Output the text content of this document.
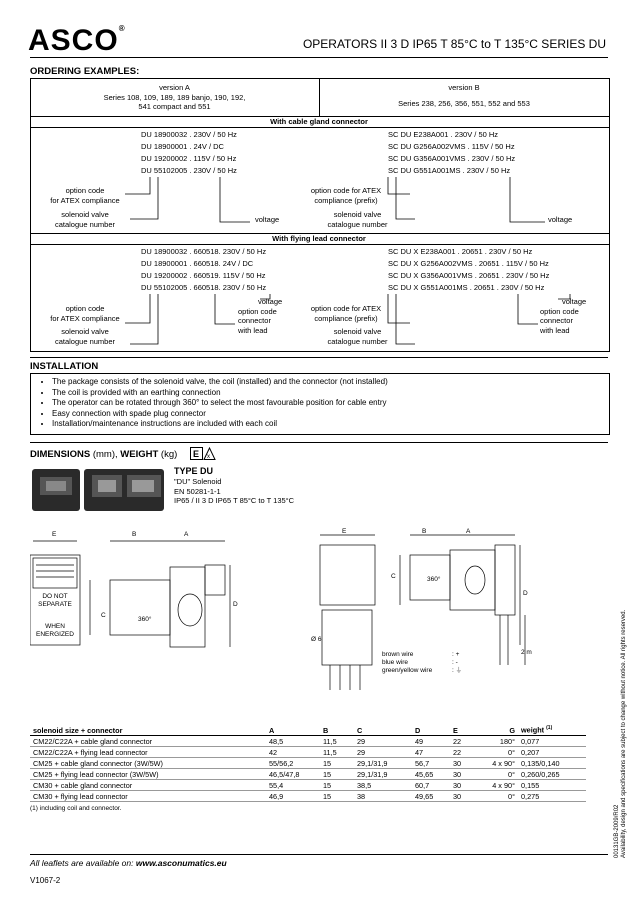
ASCO®
OPERATORS II 3 D IP65 T 85°C to T 135°C SERIES DU
ORDERING EXAMPLES:
version A
Series 108, 109, 189, 189 banjo, 190, 192,
541 compact and 551
version B
Series 238, 256, 356, 551, 552 and 553
With cable gland connector
DU 18900032 . 230V / 50 Hz
DU 18900001 . 24V / DC
DU 19200002 . 115V / 50 Hz
DU 55102005 . 230V / 50 Hz
SC DU E238A001 . 230V / 50 Hz
SC DU G256A002VMS . 115V / 50 Hz
SC DU G356A001VMS . 230V / 50 Hz
SC DU G551A001MS . 230V / 50 Hz
option code
for ATEX compliance
solenoid valve
catalogue number	voltage
option code for ATEX
compliance (prefix)
solenoid valve
catalogue number	voltage
With flying lead connector
DU 18900032 . 660518. 230V / 50 Hz
DU 18900001 . 660518. 24V / DC
DU 19200002 . 660519. 115V / 50 Hz
DU 55102005 . 660518. 230V / 50 Hz
SC DU X E238A001 . 20651 . 230V / 50 Hz
SC DU X G256A002VMS . 20651 . 115V / 50 Hz
SC DU X G356A001VMS . 20651 . 230V / 50 Hz
SC DU X G551A001MS . 20651 . 230V / 50 Hz
option code
for ATEX compliance
solenoid valve
catalogue number
voltage
option code
connector
with lead
option code for ATEX
compliance (prefix)
solenoid valve
catalogue number
voltage
option code
connector
with lead
INSTALLATION
• The package consists of the solenoid valve, the coil (installed) and the connector (not installed)
• The coil is provided with an earthing connection
• The operator can be rotated through 360° to select the most favourable position for cable entry
• Easy connection with spade plug connector
• Installation/maintenance instructions are included with each coil
DIMENSIONS (mm), WEIGHT (kg) E x
TYPE DU
"DU" Solenoid
EN 50281-1-1
IP65 / II 3 D IP65 T 85°C to T 135°C
E	B	A
C
D
360°
DO NOT
SEPARATE
WHEN
ENERGIZED
E	B	A
C
D
360°
Ø 6
2 m
brown wire	: +
blue wire	: -
green/yellow wire	: ⏚
solenoid size + connector	A	B	C	D	E	G	weight $^{(1)}$
CM22/C22A + cable gland connector	48,5	11,5	29	49	22	180°	0,077
CM22/C22A + flying lead connector	42	11,5	29	47	22	0°	0,207
CM25 + cable gland connector (3W/5W)	55/56,2	15	29,1/31,9	56,7	30	4 x 90°	0,135/0,140
CM25 + flying lead connector (3W/5W)	46,5/47,8	15	29,1/31,9	45,65	30	0°	0,260/0,265
CM30 + cable gland connector	55,4	15	38,5	60,7	30	4 x 90°	0,155
CM30 + flying lead connector	46,9	15	38	49,65	30	0°	0,275
(1) including coil and connector.	00131GB-2009/R02 Availability, design and specifications are subject to change without notice. All rights reserved.
All leaflets are available on: www.asconumatics.eu
V1067-2
